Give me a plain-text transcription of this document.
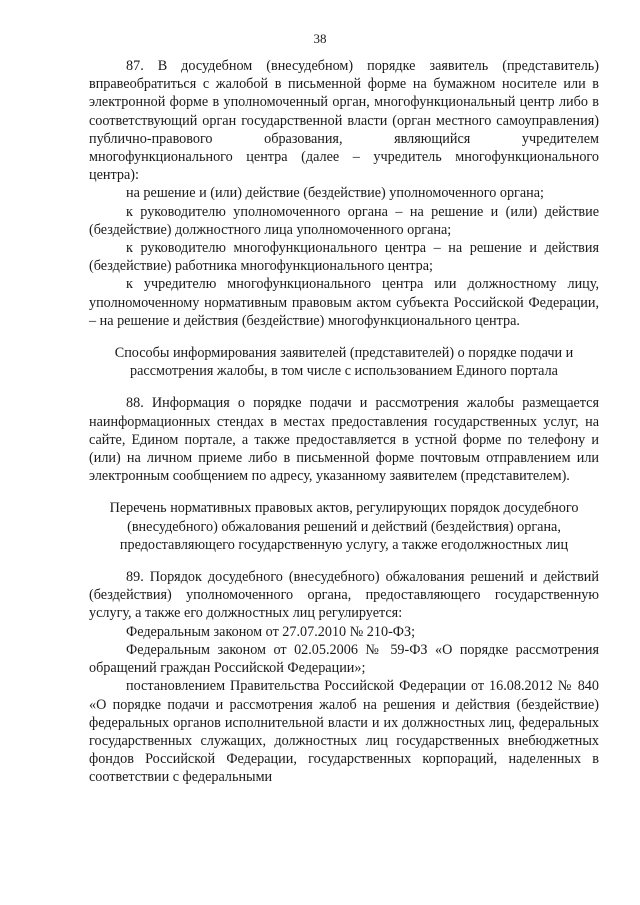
38

87. В досудебном (внесудебном) порядке заявитель (представитель) вправеобратиться с жалобой в письменной форме на бумажном носителе или в электронной форме в уполномоченный орган, многофункциональный центр либо в соответствующий орган государственной власти (орган местного самоуправления) публично-правового образования, являющийся учредителем многофункционального центра (далее – учредитель многофункционального центра):

на решение и (или) действие (бездействие) уполномоченного органа;

к руководителю уполномоченного органа – на решение и (или) действие (бездействие) должностного лица уполномоченного органа;

к руководителю многофункционального центра – на решение и действия (бездействие) работника многофункционального центра;

к учредителю многофункционального центра или должностному лицу, уполномоченному нормативным правовым актом субъекта Российской Федерации, – на решение и действия (бездействие) многофункционального центра.

Способы информирования заявителей (представителей) о порядке подачи и рассмотрения жалобы, в том числе с использованием Единого портала

88. Информация о порядке подачи и рассмотрения жалобы размещается наинформационных стендах в местах предоставления государственных услуг, на сайте, Едином портале, а также предоставляется в устной форме по телефону и (или) на личном приеме либо в письменной форме почтовым отправлением или электронным сообщением по адресу, указанному заявителем (представителем).

Перечень нормативных правовых актов, регулирующих порядок досудебного (внесудебного) обжалования решений и действий (бездействия) органа, предоставляющего государственную услугу, а также егодолжностных лиц

89. Порядок досудебного (внесудебного) обжалования решений и действий (бездействия) уполномоченного органа, предоставляющего государственную услугу, а также его должностных лиц регулируется:

Федеральным законом от 27.07.2010 № 210-ФЗ;

Федеральным законом от 02.05.2006 № 59-ФЗ «О порядке рассмотрения обращений граждан Российской Федерации»;

постановлением Правительства Российской Федерации от 16.08.2012 № 840 «О порядке подачи и рассмотрения жалоб на решения и действия (бездействие) федеральных органов исполнительной власти и их должностных лиц, федеральных государственных служащих, должностных лиц государственных внебюджетных фондов Российской Федерации, государственных корпораций, наделенных в соответствии с федеральными
